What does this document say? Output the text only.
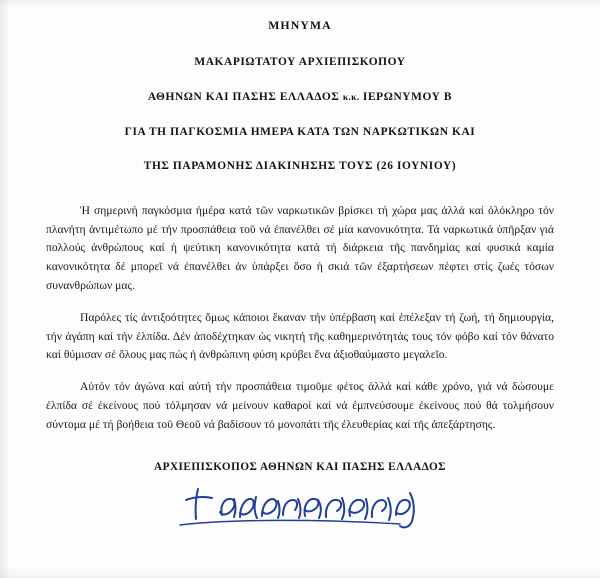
ΜΗΝΥΜΑ

ΜΑΚΑΡΙΩΤΑΤΟΥ ΑΡΧΙΕΠΙΣΚΟΠΟΥ

ΑΘΗΝΩΝ ΚΑΙ ΠΑΣΗΣ ΕΛΛΑΔΟΣ κ.κ. ΙΕΡΩΝΥΜΟΥ Β

ΓΙΑ ΤΗ ΠΑΓΚΟΣΜΙΑ ΗΜΕΡΑ ΚΑΤΑ ΤΩΝ ΝΑΡΚΩΤΙΚΩΝ ΚΑΙ

ΤΗΣ ΠΑΡΑΜΟΝΗΣ ΔΙΑΚΙΝΗΣΗΣ ΤΟΥΣ (26 ΙΟΥΝΙΟΥ)

Ἡ σημερινή παγκόσμια ἡμέρα κατά τῶν ναρκωτικῶν βρίσκει τή χώρα μας ἀλλά καί ὁλόκληρο τόν πλανήτη ἀντιμέτωπο μέ τήν προσπάθεια τοῦ νά ἐπανέλθει σέ μία κανονικότητα. Τά ναρκωτικά ὑπῆρξαν γιά πολλούς ἀνθρώπους καί ἡ ψεύτικη κανονικότητα κατά τή διάρκεια τῆς πανδημίας καί φυσικά καμία κανονικότητα δέ μπορεῖ νά ἐπανέλθει ἀν ὑπάρξει ὅσο ἡ σκιά τῶν ἐξαρτήσεων πέφτει στίς ζωές τόσων συνανθρώπων μας.

Παρόλες τίς ἀντιξοότητες ὅμως κάποιοι ἔκαναν τήν ὑπέρβαση καί ἐπέλεξαν τή ζωή, τή δημιουργία, τήν ἀγάπη καί τήν ἐλπίδα. Δέν ἀποδέχτηκαν ὡς νικητή τῆς καθημερινότητάς τους τόν φόβο καί τόν θάνατο καί θύμισαν σέ ὅλους μας πώς ἡ ἀνθρώπινη φύση κρύβει ἕνα ἀξιοθαύμαστο μεγαλεῖο.

Αὐτόν τόν ἀγώνα καί αὐτή τήν προσπάθεια τιμοῦμε φέτος ἀλλά καί κάθε χρόνο, γιά νά δώσουμε ἐλπίδα σέ ἐκείνους πού τόλμησαν νά μείνουν καθαροί καί νά ἐμπνεύσουμε ἐκείνους πού θά τολμήσουν σύντομα μέ τή βοήθεια τοῦ Θεοῦ νά βαδίσουν τό μονοπάτι τῆς ἐλευθερίας καί τῆς ἀπεξάρτησης.

ΑΡΧΙΕΠΙΣΚΟΠΟΣ ΑΘΗΝΩΝ ΚΑΙ ΠΑΣΗΣ ΕΛΛΑΔΟΣ
